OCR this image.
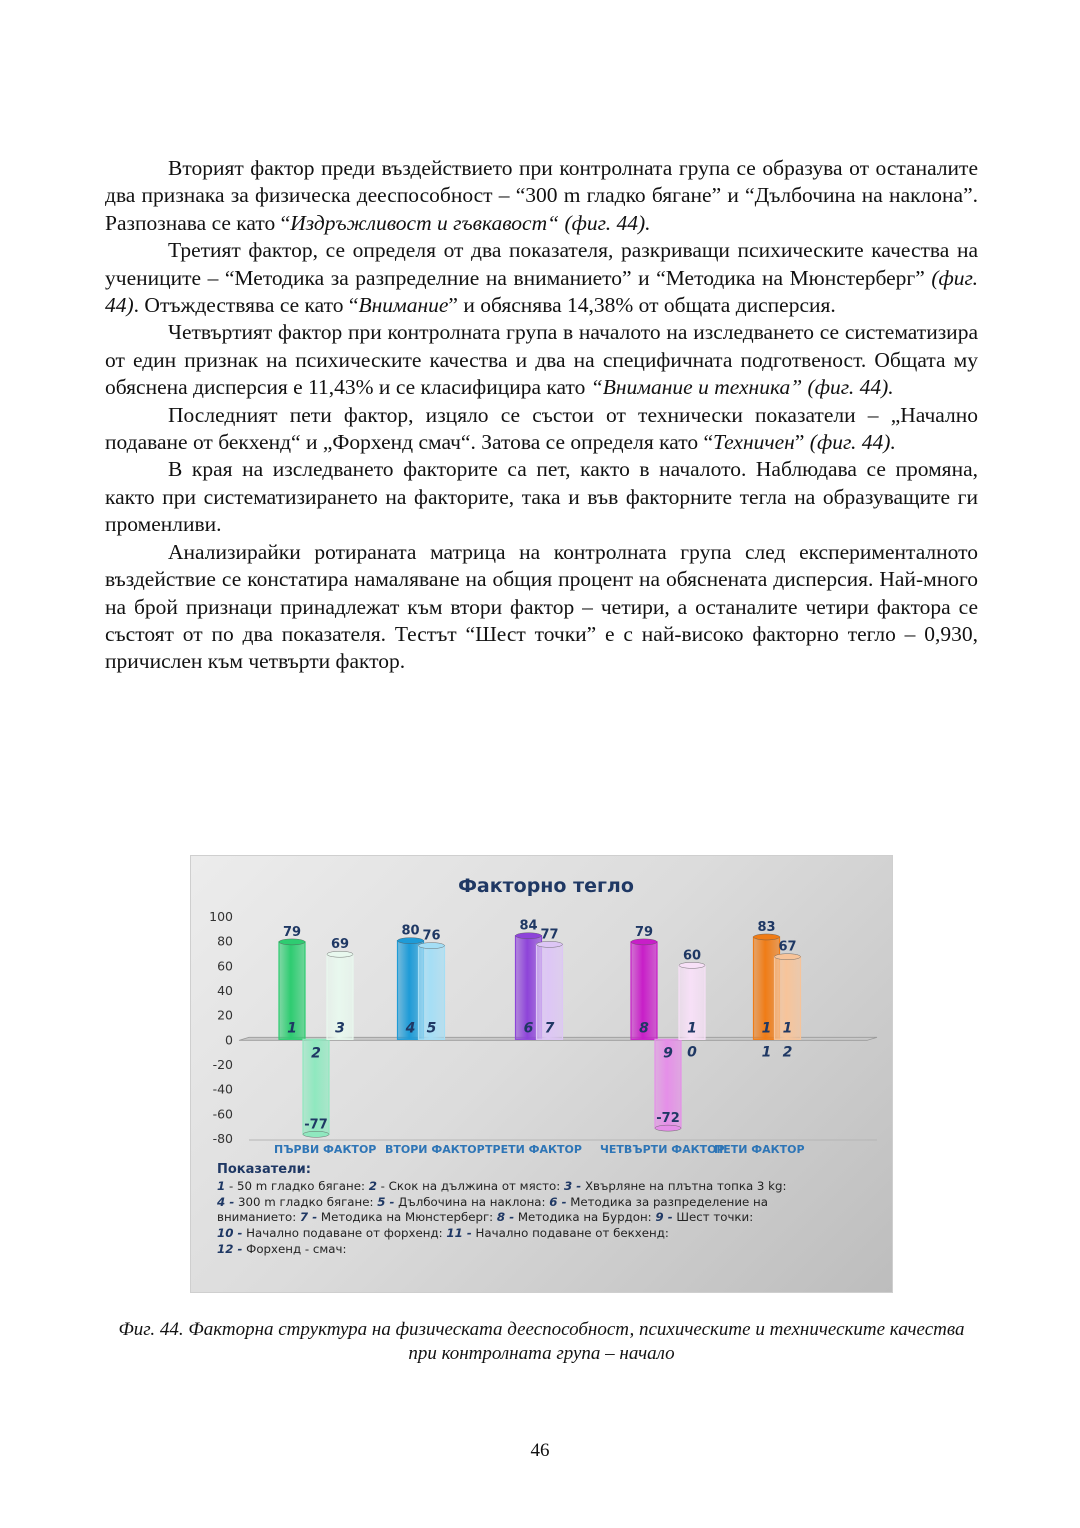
Вторият фактор преди въздействието при контролната група се образува от останалите два признака за физическа дееспособност – “300 m гладко бягане” и “Дълбочина на наклона”. Разпознава се като “Издръжливост и гъвкавост“ (фиг. 44).

Третият фактор, се определя от два показателя, разкриващи психическите качества на учениците – “Методика за разпределние на вниманието” и “Методика на Мюнстерберг” (фиг. 44). Отъждествява се като “Внимание” и обяснява 14,38% от общата дисперсия.

Четвъртият фактор при контролната група в началото на изследването се систематизира от един признак на психическите качества и два на специфичната подготвеност. Общата му обяснена дисперсия е 11,43% и се класифицира като “Внимание и техника” (фиг. 44).

Последният пети фактор, изцяло се състои от технически показатели – „Начално подаване от бекхенд“ и „Форхенд смач“. Затова се определя като “Техничен” (фиг. 44).

В края на изследването факторите са пет, както в началото. Наблюдава се промяна, както при систематизирането на факторите, така и във факторните тегла на образуващите ги променливи.

Анализирайки ротираната матрица на контролната група след експерименталното въздействие се констатира намаляване на общия процент на обяснената дисперсия. Най-много на брой признаци принадлежат към втори фактор – четири, а останалите четири фактора се състоят от по два показателя. Тестът “Шест точки” е с най-високо факторно тегло – 0,930, причислен към четвърти фактор.

Факторно тегло
100
80
60
40
20
0
-20
-40
-60
-80
79
-77
69
80 76
84
77	79
-72
60
83
67
1
2
3	4 5	6 7	8
9
1
0
1
1
1
2
ПЪРВИ ФАКТОР ВТОРИ ФАКТОР ТРЕТИ ФАКТОР ЧЕТВЪРТИ ФАКТОР
ПЕТИ ФАКТОР
Показатели:
1 - 50 m гладко бягане: 2 - Скок на дължина от място: 3 - Хвърляне на плътна топка 3 kg:
4 - 300 m гладко бягане: 5 - Дълбочина на наклона: 6 - Методика за разпределение на
вниманието: 7 - Методика на Мюнстерберг: 8 - Методика на Бурдон: 9 - Шест точки:
10 - Начално подаване от форхенд: 11 - Начално подаване от бекхенд:
12 - Форхенд - смач:
Фиг. 44. Факторна структура на физическата дееспособност, психическите и техническите качества при контролната група – начало
46
